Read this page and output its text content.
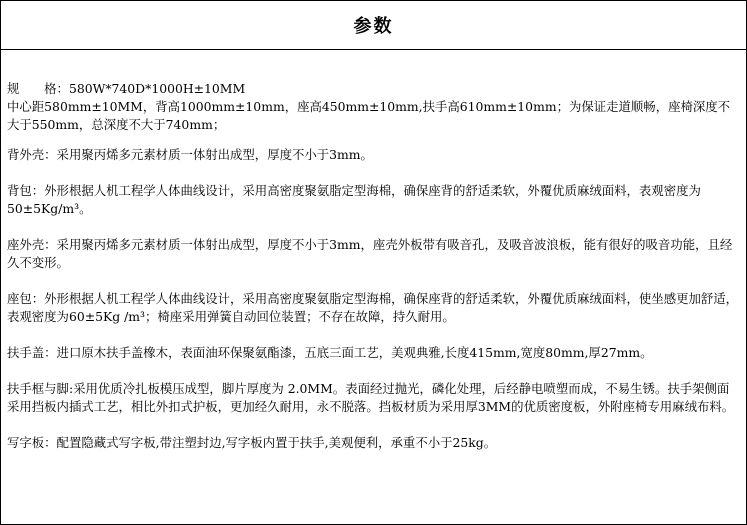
参数

规　　格：580W*740D*1000H±10MM

中心距580mm±10MM，背高1000mm±10mm，座高450mm±10mm,扶手高610mm±10mm；为保证走道顺畅，座椅深度不大于550mm，总深度不大于740mm；

背外壳：采用聚丙烯多元素材质一体射出成型，厚度不小于3mm。

背包：外形根据人机工程学人体曲线设计，采用高密度聚氨脂定型海棉，确保座背的舒适柔软，外覆优质麻绒面料，表观密度为50±5Kg/m³。

座外壳：采用聚丙烯多元素材质一体射出成型，厚度不小于3mm，座壳外板带有吸音孔，及吸音波浪板，能有很好的吸音功能，且经久不变形。

座包：外形根据人机工程学人体曲线设计，采用高密度聚氨脂定型海棉，确保座背的舒适柔软，外覆优质麻绒面料，使坐感更加舒适，表观密度为60±5Kg /m³；椅座采用弹簧自动回位装置；不存在故障，持久耐用。

扶手盖：进口原木扶手盖橡木，表面油环保聚氨酯漆，五底三面工艺，美观典雅,长度415mm,宽度80mm,厚27mm。

扶手框与脚:采用优质冷扎板模压成型，脚片厚度为 2.0MM。表面经过抛光，磷化处理，后经静电喷塑而成，不易生锈。扶手架侧面采用挡板内插式工艺，相比外扣式护板，更加经久耐用，永不脱落。挡板材质为采用厚3MM的优质密度板，外附座椅专用麻绒布料。

写字板：配置隐藏式写字板,带注塑封边,写字板内置于扶手,美观便利，承重不小于25kg。
